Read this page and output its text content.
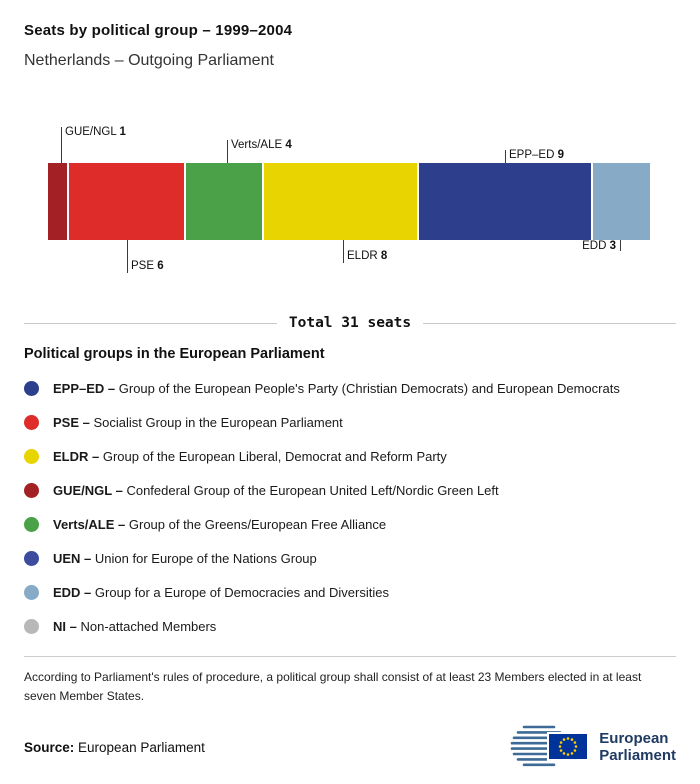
Seats by political group – 1999–2004
Netherlands – Outgoing Parliament
GUE/NGL 1
PSE 6
Verts/ALE 4
ELDR 8
EPP–ED 9
EDD 3
Total 31 seats
Political groups in the European Parliament
EPP–ED – Group of the European People's Party (Christian Democrats) and European Democrats
PSE – Socialist Group in the European Parliament
ELDR – Group of the European Liberal, Democrat and Reform Party
GUE/NGL – Confederal Group of the European United Left/Nordic Green Left
Verts/ALE – Group of the Greens/European Free Alliance
UEN – Union for Europe of the Nations Group
EDD – Group for a Europe of Democracies and Diversities
NI – Non-attached Members

According to Parliament's rules of procedure, a political group shall consist of at least 23 Members elected in at least seven Member States.

Source: European Parliament
European
Parliament
